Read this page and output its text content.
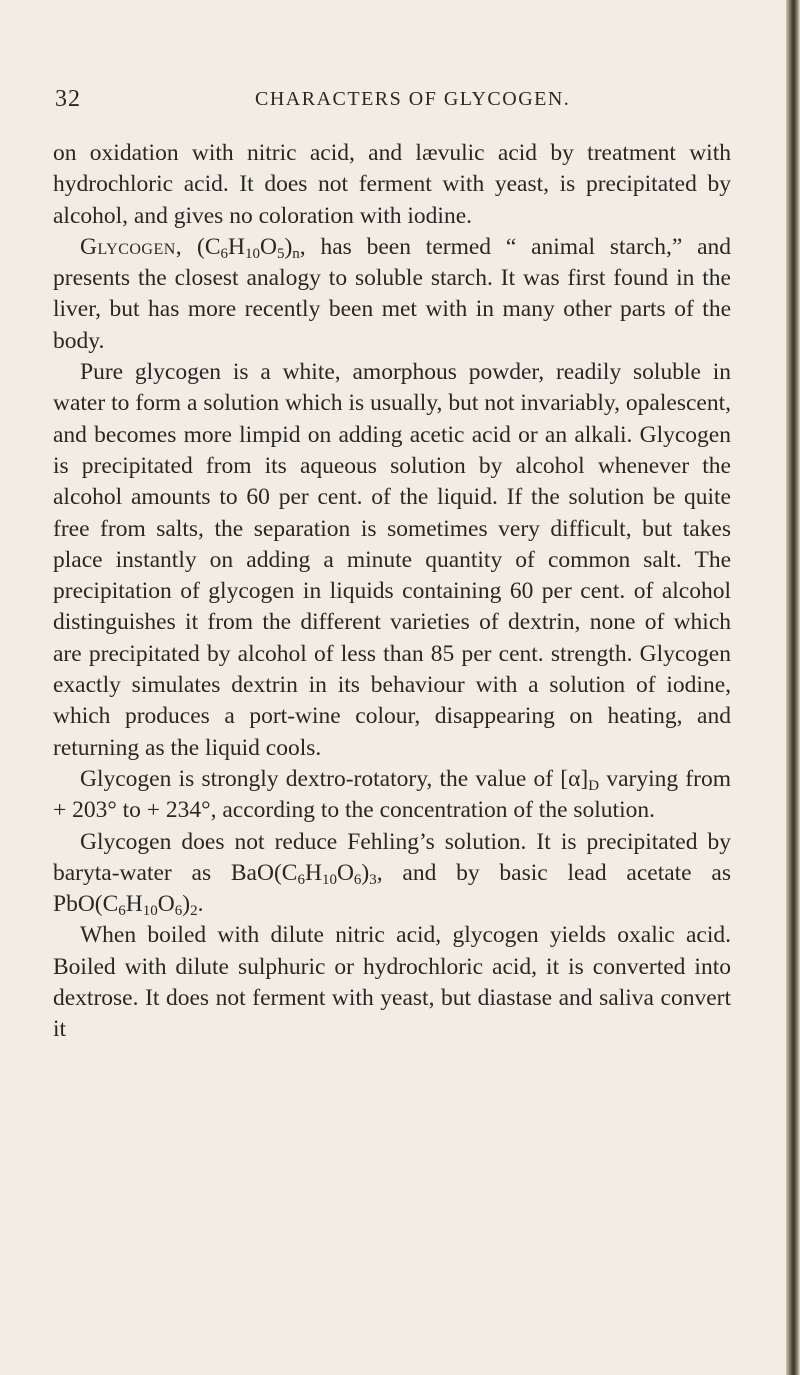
32	CHARACTERS OF GLYCOGEN.

on oxidation with nitric acid, and lævulic acid by treatment with hydrochloric acid. It does not ferment with yeast, is precipitated by alcohol, and gives no coloration with iodine.

Glycogen, $(C_6H_{10}O_5)_n$, has been termed “ animal starch,” and presents the closest analogy to soluble starch. It was first found in the liver, but has more recently been met with in many other parts of the body.

Pure glycogen is a white, amorphous powder, readily soluble in water to form a solution which is usually, but not invariably, opalescent, and becomes more limpid on adding acetic acid or an alkali. Glycogen is precipitated from its aqueous solution by alcohol whenever the alcohol amounts to 60 per cent. of the liquid. If the solution be quite free from salts, the separation is sometimes very difficult, but takes place instantly on adding a minute quantity of common salt. The precipitation of glycogen in liquids containing 60 per cent. of alcohol distinguishes it from the different varieties of dextrin, none of which are precipitated by alcohol of less than 85 per cent. strength. Glycogen exactly simulates dextrin in its behaviour with a solution of iodine, which produces a port-wine colour, disappearing on heating, and returning as the liquid cools.

Glycogen is strongly dextro-rotatory, the value of $[\alpha]_D$ varying from + 203° to + 234°, according to the concentration of the solution.

Glycogen does not reduce Fehling’s solution. It is precipitated by baryta-water as $BaO(C_6H_{10}O_6)_3$, and by basic lead acetate as $PbO(C_6H_{10}O_6)_2$.

When boiled with dilute nitric acid, glycogen yields oxalic acid. Boiled with dilute sulphuric or hydrochloric acid, it is converted into dextrose. It does not ferment with yeast, but diastase and saliva convert it
